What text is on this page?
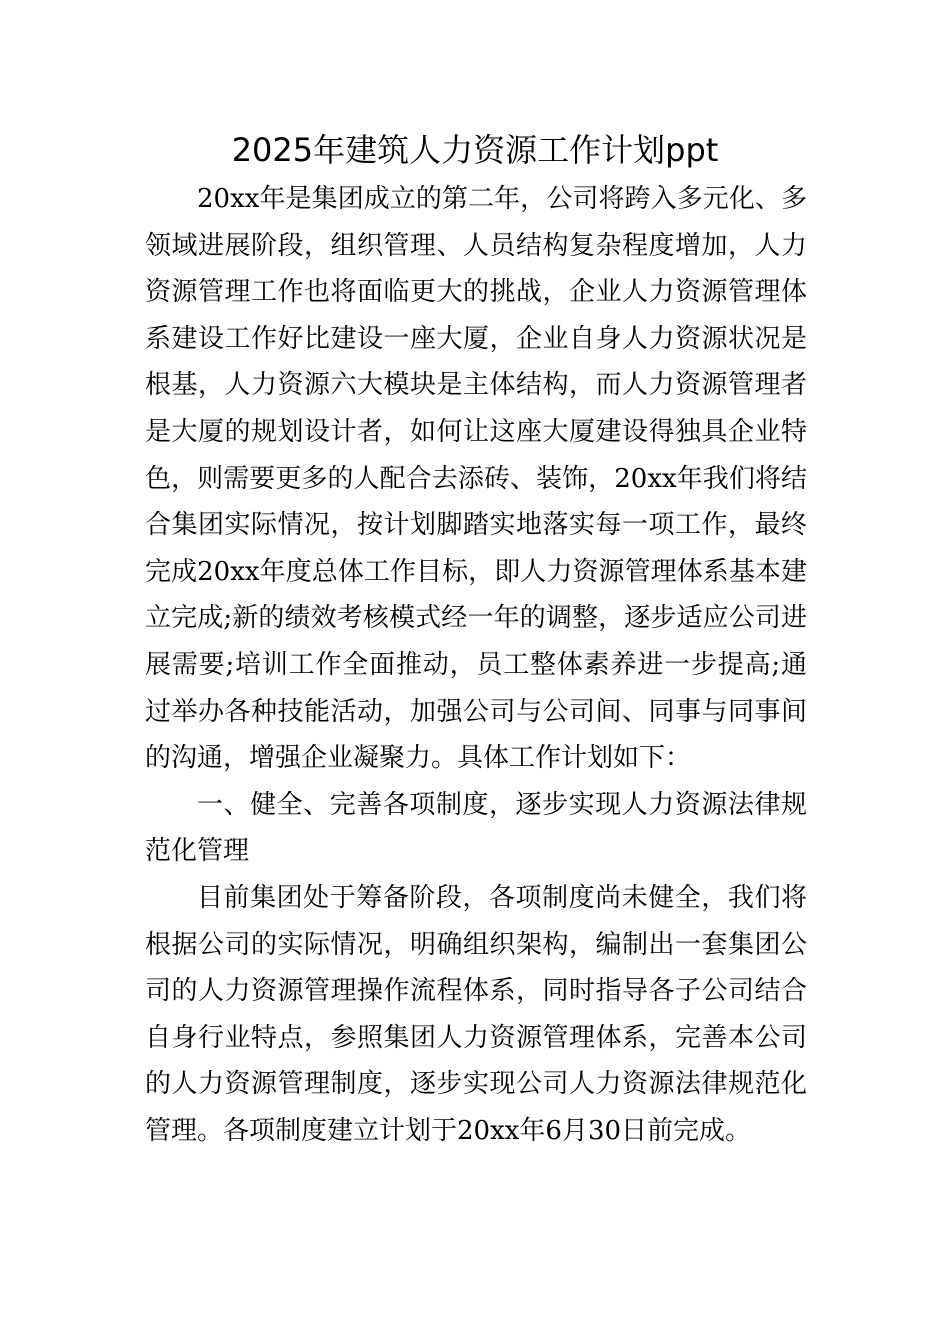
2025年建筑人力资源工作计划ppt

20xx年是集团成立的第二年，公司将跨入多元化、多领域进展阶段，组织管理、人员结构复杂程度增加，人力资源管理工作也将面临更大的挑战，企业人力资源管理体系建设工作好比建设一座大厦，企业自身人力资源状况是根基，人力资源六大模块是主体结构，而人力资源管理者是大厦的规划设计者，如何让这座大厦建设得独具企业特色，则需要更多的人配合去添砖、装饰，20xx年我们将结合集团实际情况，按计划脚踏实地落实每一项工作，最终完成20xx年度总体工作目标，即人力资源管理体系基本建立完成;新的绩效考核模式经一年的调整，逐步适应公司进展需要;培训工作全面推动，员工整体素养进一步提高;通过举办各种技能活动，加强公司与公司间、同事与同事间的沟通，增强企业凝聚力。具体工作计划如下：

一、健全、完善各项制度，逐步实现人力资源法律规范化管理

目前集团处于筹备阶段，各项制度尚未健全，我们将根据公司的实际情况，明确组织架构，编制出一套集团公司的人力资源管理操作流程体系，同时指导各子公司结合自身行业特点，参照集团人力资源管理体系，完善本公司的人力资源管理制度，逐步实现公司人力资源法律规范化管理。各项制度建立计划于20xx年6月30日前完成。
